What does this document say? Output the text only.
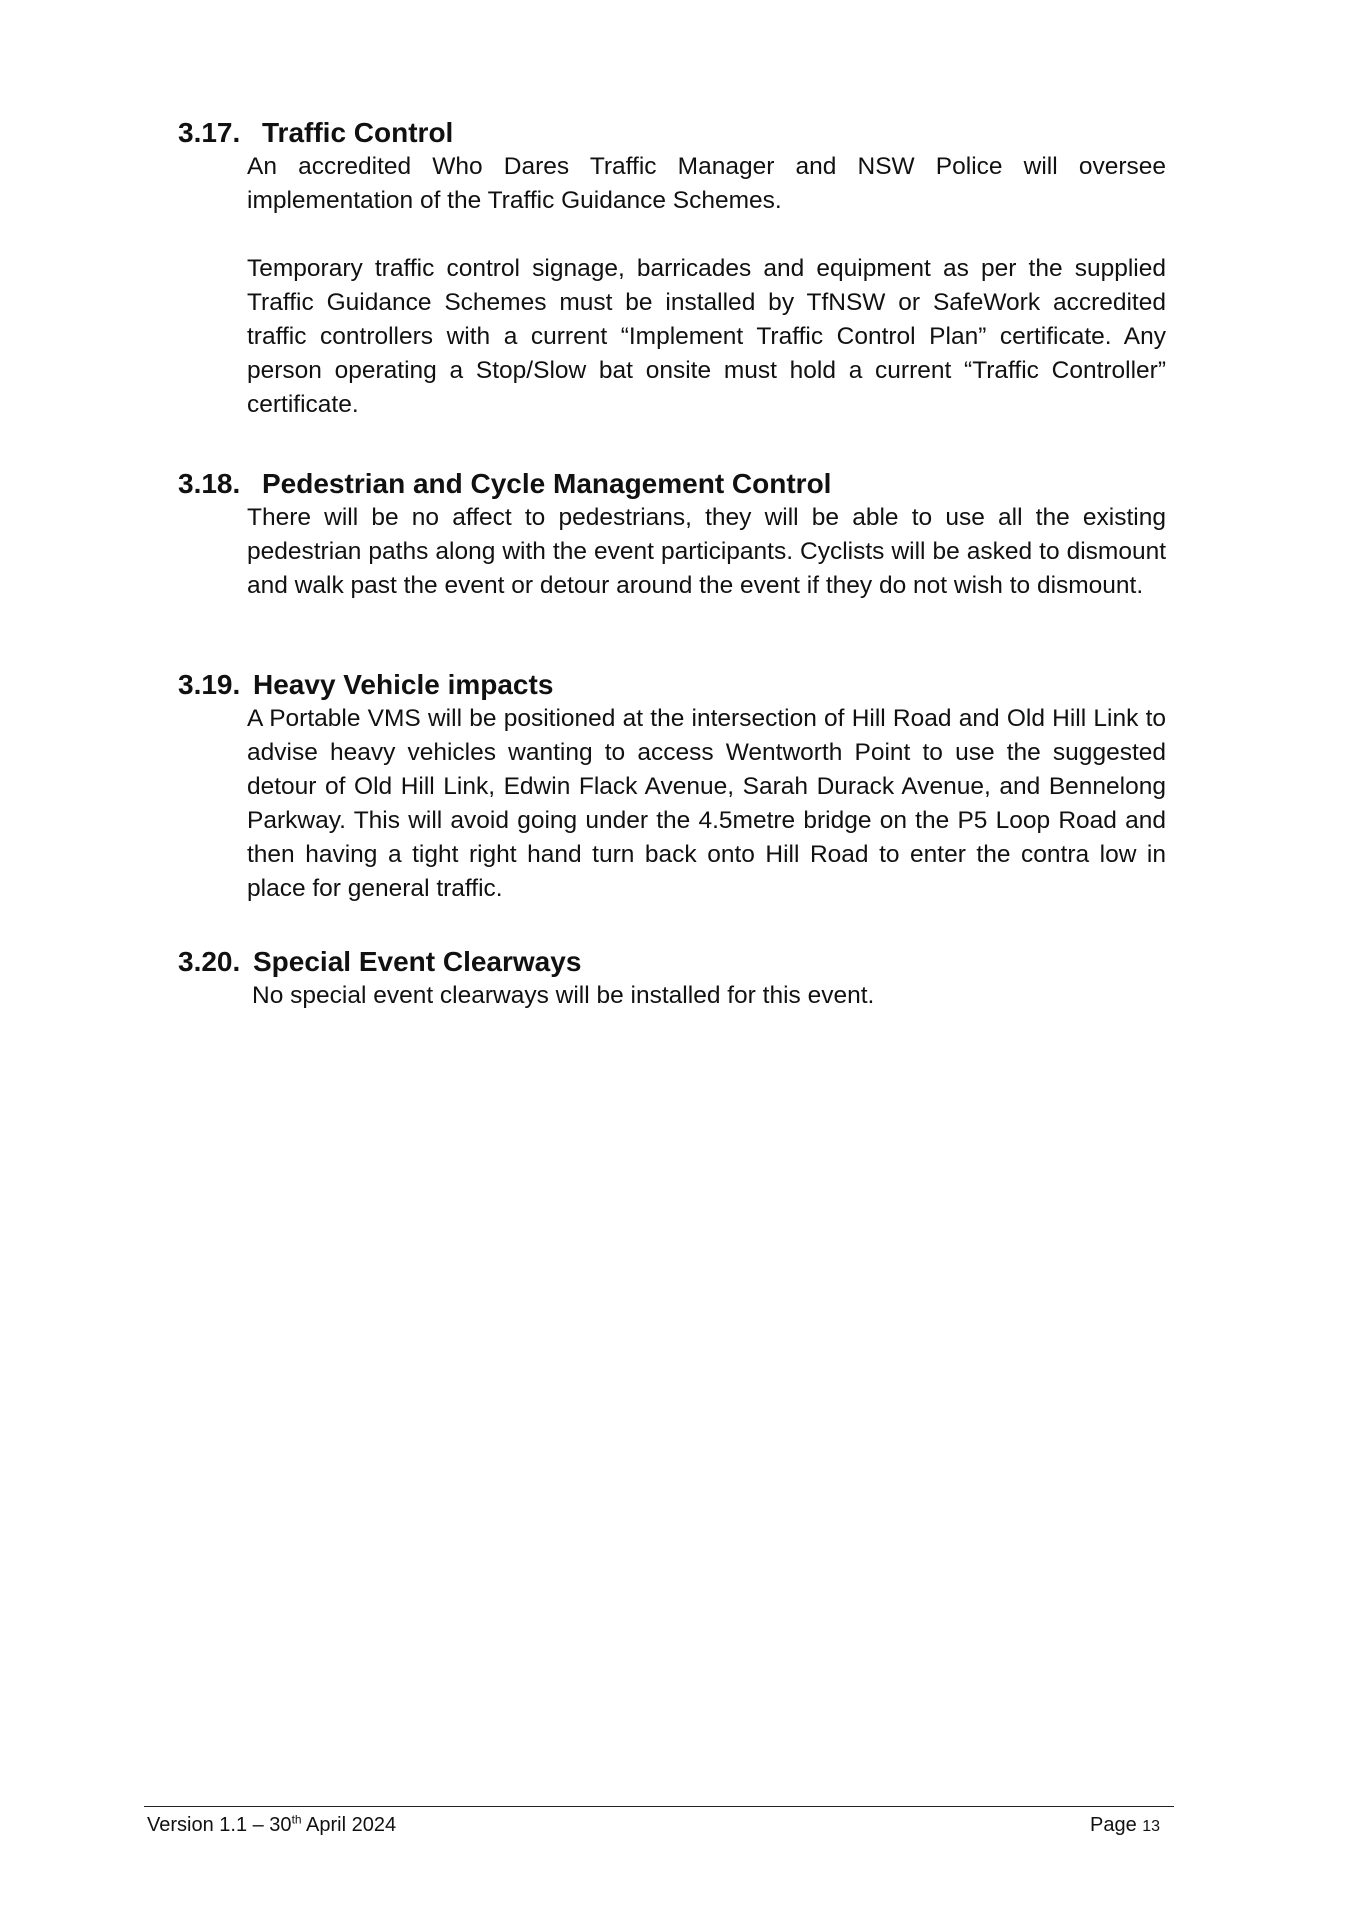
3.17. Traffic Control

An accredited Who Dares Traffic Manager and NSW Police will oversee implementation of the Traffic Guidance Schemes.

Temporary traffic control signage, barricades and equipment as per the supplied Traffic Guidance Schemes must be installed by TfNSW or SafeWork accredited traffic controllers with a current “Implement Traffic Control Plan” certificate. Any person operating a Stop/Slow bat onsite must hold a current “Traffic Controller” certificate.

3.18. Pedestrian and Cycle Management Control

There will be no affect to pedestrians, they will be able to use all the existing pedestrian paths along with the event participants. Cyclists will be asked to dismount and walk past the event or detour around the event if they do not wish to dismount.

3.19. Heavy Vehicle impacts

A Portable VMS will be positioned at the intersection of Hill Road and Old Hill Link to advise heavy vehicles wanting to access Wentworth Point to use the suggested detour of Old Hill Link, Edwin Flack Avenue, Sarah Durack Avenue, and Bennelong Parkway. This will avoid going under the 4.5metre bridge on the P5 Loop Road and then having a tight right hand turn back onto Hill Road to enter the contra low in place for general traffic.

3.20. Special Event Clearways

No special event clearways will be installed for this event.

Version 1.1 – 30th April 2024	Page 13
